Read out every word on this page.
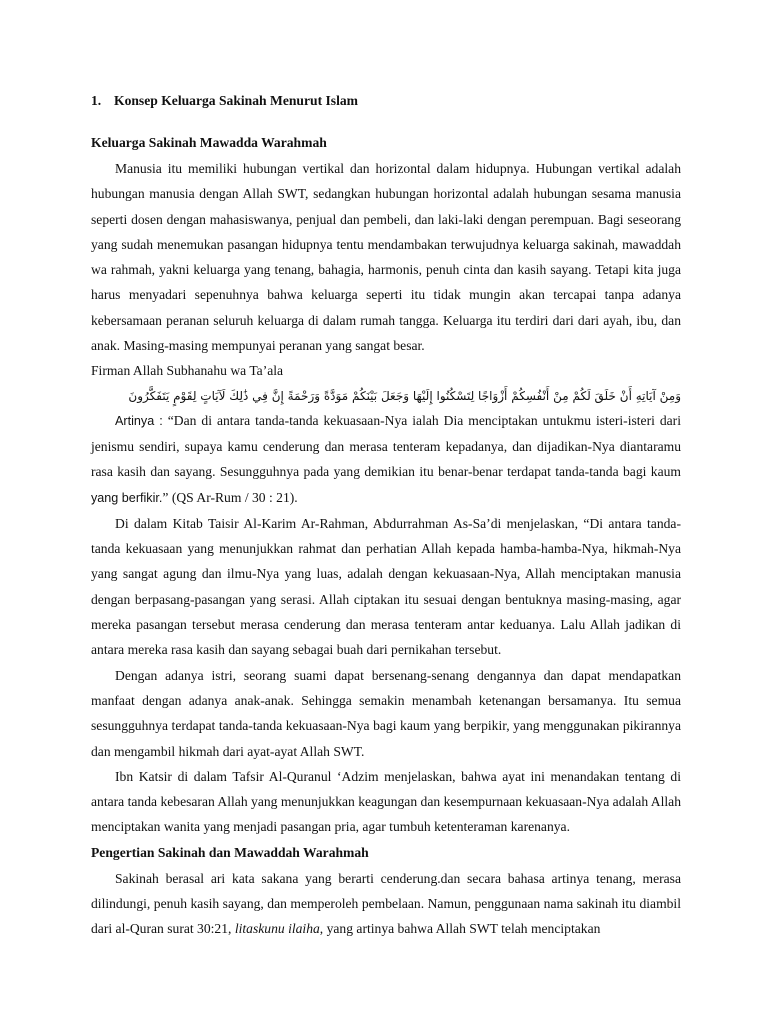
1. Konsep Keluarga Sakinah Menurut Islam
Keluarga Sakinah Mawadda Warahmah

Manusia itu memiliki hubungan vertikal dan horizontal dalam hidupnya. Hubungan vertikal adalah hubungan manusia dengan Allah SWT, sedangkan hubungan horizontal adalah hubungan sesama manusia seperti dosen dengan mahasiswanya, penjual dan pembeli, dan laki-laki dengan perempuan. Bagi seseorang yang sudah menemukan pasangan hidupnya tentu mendambakan terwujudnya keluarga sakinah, mawaddah wa rahmah, yakni keluarga yang tenang, bahagia, harmonis, penuh cinta dan kasih sayang. Tetapi kita juga harus menyadari sepenuhnya bahwa keluarga seperti itu tidak mungin akan tercapai tanpa adanya kebersamaan peranan seluruh keluarga di dalam rumah tangga. Keluarga itu terdiri dari dari ayah, ibu, dan anak. Masing-masing mempunyai peranan yang sangat besar.

Firman Allah Subhanahu wa Ta’ala

وَمِنْ آيَاتِهِ أَنْ خَلَقَ لَكُمْ مِنْ أَنْفُسِكُمْ أَزْوَاجًا لِتَسْكُنُوا إِلَيْهَا وَجَعَلَ بَيْنَكُمْ مَوَدَّةً وَرَحْمَةً إِنَّ فِي ذَٰلِكَ لَآيَاتٍ لِقَوْمٍ يَتَفَكَّرُونَ

Artinya : “Dan di antara tanda-tanda kekuasaan-Nya ialah Dia menciptakan untukmu isteri-isteri dari jenismu sendiri, supaya kamu cenderung dan merasa tenteram kepadanya, dan dijadikan-Nya diantaramu rasa kasih dan sayang. Sesungguhnya pada yang demikian itu benar-benar terdapat tanda-tanda bagi kaum yang berfikir.” (QS Ar-Rum / 30 : 21).

Di dalam Kitab Taisir Al-Karim Ar-Rahman, Abdurrahman As-Sa’di menjelaskan, “Di antara tanda-tanda kekuasaan yang menunjukkan rahmat dan perhatian Allah kepada hamba-hamba-Nya, hikmah-Nya yang sangat agung dan ilmu-Nya yang luas, adalah dengan kekuasaan-Nya, Allah menciptakan manusia dengan berpasang-pasangan yang serasi. Allah ciptakan itu sesuai dengan bentuknya masing-masing, agar mereka pasangan tersebut merasa cenderung dan merasa tenteram antar keduanya. Lalu Allah jadikan di antara mereka rasa kasih dan sayang sebagai buah dari pernikahan tersebut.

Dengan adanya istri, seorang suami dapat bersenang-senang dengannya dan dapat mendapatkan manfaat dengan adanya anak-anak. Sehingga semakin menambah ketenangan bersamanya. Itu semua sesungguhnya terdapat tanda-tanda kekuasaan-Nya bagi kaum yang berpikir, yang menggunakan pikirannya dan mengambil hikmah dari ayat-ayat Allah SWT.

Ibn Katsir di dalam Tafsir Al-Quranul ‘Adzim menjelaskan, bahwa ayat ini menandakan tentang di antara tanda kebesaran Allah yang menunjukkan keagungan dan kesempurnaan kekuasaan-Nya adalah Allah menciptakan wanita yang menjadi pasangan pria, agar tumbuh ketenteraman karenanya.

Pengertian Sakinah dan Mawaddah Warahmah

Sakinah berasal ari kata sakana yang berarti cenderung.dan secara bahasa artinya tenang, merasa dilindungi, penuh kasih sayang, dan memperoleh pembelaan. Namun, penggunaan nama sakinah itu diambil dari al-Quran surat 30:21, litaskunu ilaiha, yang artinya bahwa Allah SWT telah menciptakan
